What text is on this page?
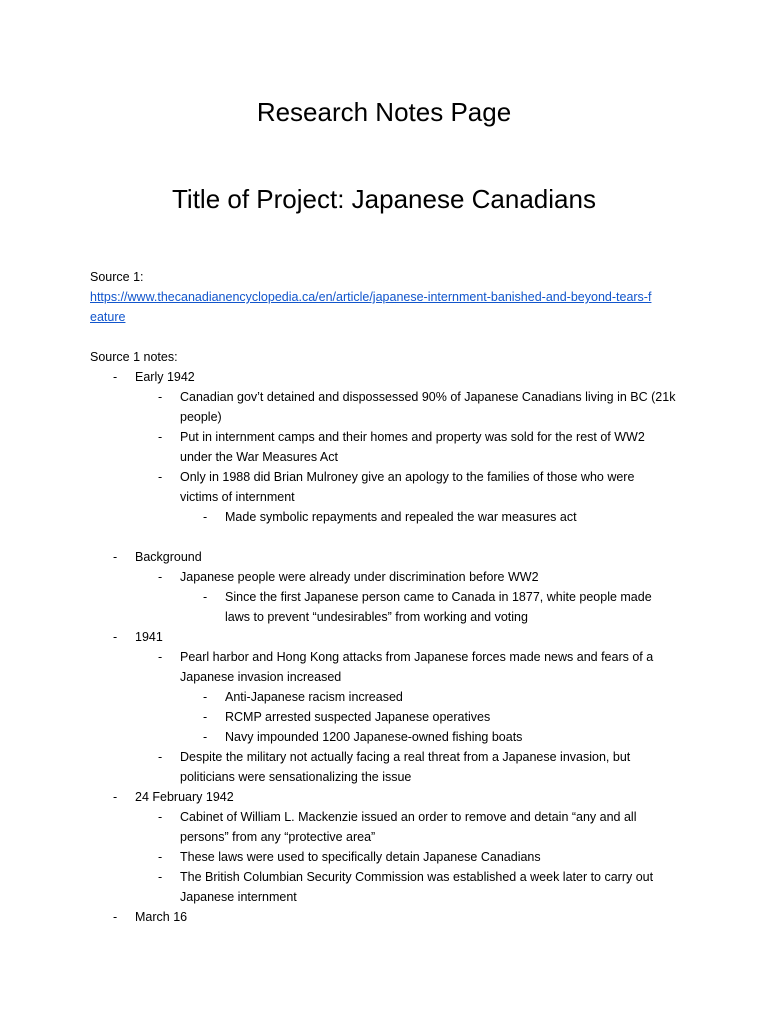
Research Notes Page
Title of Project: Japanese Canadians
Source 1:
https://www.thecanadianencyclopedia.ca/en/article/japanese-internment-banished-and-beyond-tears-f
eature
Source 1 notes:
- Early 1942
- Canadian gov’t detained and dispossessed 90% of Japanese Canadians living in BC (21k
people)
- Put in internment camps and their homes and property was sold for the rest of WW2
under the War Measures Act
- Only in 1988 did Brian Mulroney give an apology to the families of those who were
victims of internment
- Made symbolic repayments and repealed the war measures act
- Background
- Japanese people were already under discrimination before WW2
- Since the first Japanese person came to Canada in 1877, white people made
laws to prevent “undesirables” from working and voting
- 1941
- Pearl harbor and Hong Kong attacks from Japanese forces made news and fears of a
Japanese invasion increased
- Anti-Japanese racism increased
- RCMP arrested suspected Japanese operatives
- Navy impounded 1200 Japanese-owned fishing boats
- Despite the military not actually facing a real threat from a Japanese invasion, but
politicians were sensationalizing the issue
- 24 February 1942
- Cabinet of William L. Mackenzie issued an order to remove and detain “any and all
persons” from any “protective area”
- These laws were used to specifically detain Japanese Canadians
- The British Columbian Security Commission was established a week later to carry out
Japanese internment
- March 16
